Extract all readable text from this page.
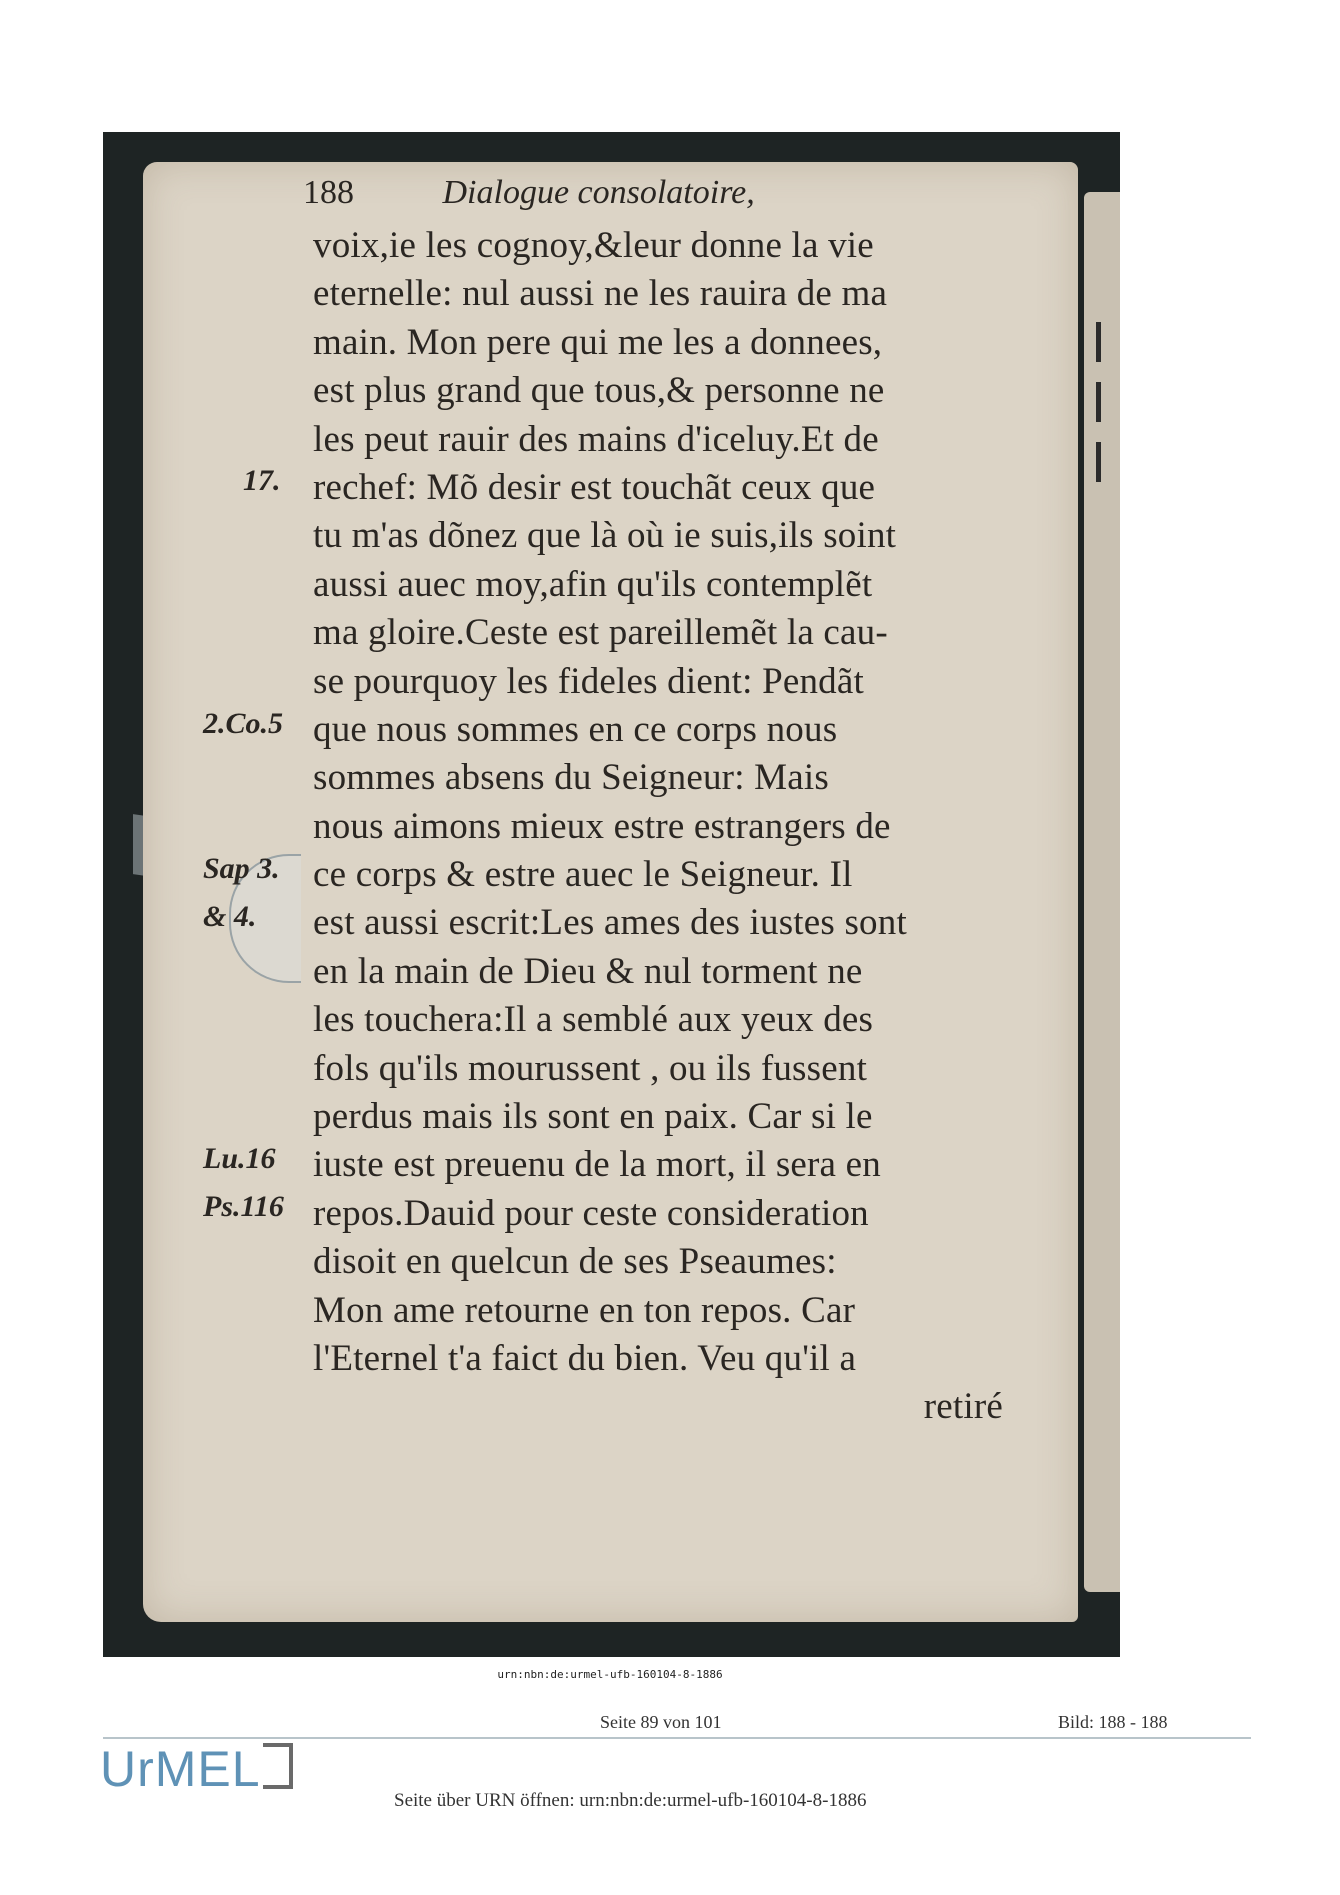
188	Dialogue consolatoire,
voix,ie les cognoy,&leur donne la vie
eternelle: nul aussi ne les rauira de ma
main. Mon pere qui me les a donnees,
est plus grand que tous,& personne ne
les peut rauir des mains d'iceluy.Et de
rechef: Mõ desir est touchãt ceux que
tu m'as dõnez que là où ie suis,ils soint
aussi auec moy,afin qu'ils contemplẽt
ma gloire.Ceste est pareillemẽt la cau-
se pourquoy les fideles dient: Pendãt
que nous sommes en ce corps nous
sommes absens du Seigneur: Mais
nous aimons mieux estre estrangers de
ce corps & estre auec le Seigneur. Il
est aussi escrit:Les ames des iustes sont
en la main de Dieu & nul torment ne
les touchera:Il a semblé aux yeux des
fols qu'ils mourussent , ou ils fussent
perdus mais ils sont en paix. Car si le
iuste est preuenu de la mort, il sera en
repos.Dauid pour ceste consideration
disoit en quelcun de ses Pseaumes:
Mon ame retourne en ton repos. Car
l'Eternel t'a faict du bien. Veu qu'il a
retiré
17.
2.Co.5
Sap 3.
& 4.
Lu.16
Ps.116
urn:nbn:de:urmel-ufb-160104-8-1886
Seite 89 von 101	Bild: 188 - 188
UrMEL
Seite über URN öffnen: urn:nbn:de:urmel-ufb-160104-8-1886
